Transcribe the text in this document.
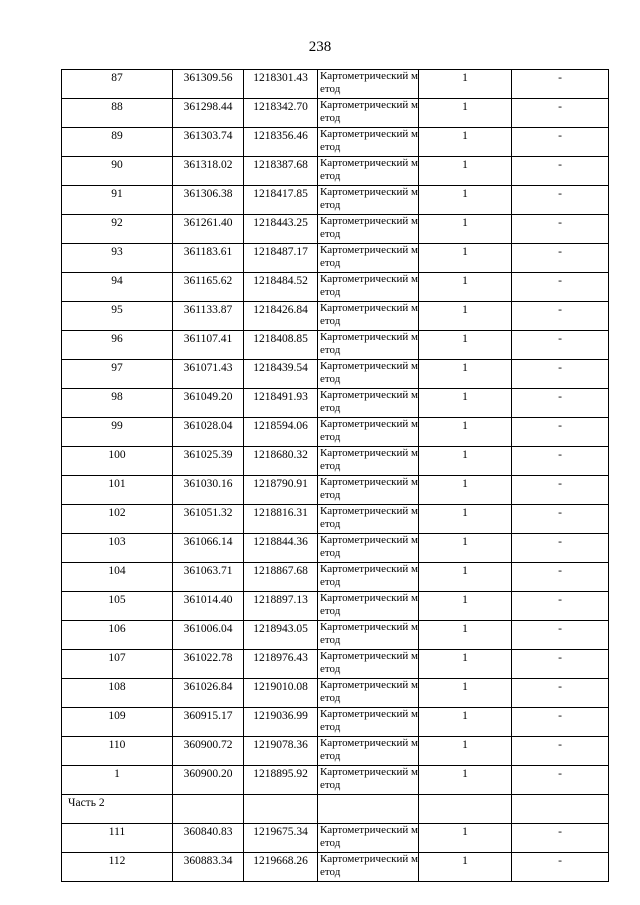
238
87	361309.56	1218301.43	Картометрический метод	1	-
88	361298.44	1218342.70	Картометрический метод	1	-
89	361303.74	1218356.46	Картометрический метод	1	-
90	361318.02	1218387.68	Картометрический метод	1	-
91	361306.38	1218417.85	Картометрический метод	1	-
92	361261.40	1218443.25	Картометрический метод	1	-
93	361183.61	1218487.17	Картометрический метод	1	-
94	361165.62	1218484.52	Картометрический метод	1	-
95	361133.87	1218426.84	Картометрический метод	1	-
96	361107.41	1218408.85	Картометрический метод	1	-
97	361071.43	1218439.54	Картометрический метод	1	-
98	361049.20	1218491.93	Картометрический метод	1	-
99	361028.04	1218594.06	Картометрический метод	1	-
100	361025.39	1218680.32	Картометрический метод	1	-
101	361030.16	1218790.91	Картометрический метод	1	-
102	361051.32	1218816.31	Картометрический метод	1	-
103	361066.14	1218844.36	Картометрический метод	1	-
104	361063.71	1218867.68	Картометрический метод	1	-
105	361014.40	1218897.13	Картометрический метод	1	-
106	361006.04	1218943.05	Картометрический метод	1	-
107	361022.78	1218976.43	Картометрический метод	1	-
108	361026.84	1219010.08	Картометрический метод	1	-
109	360915.17	1219036.99	Картометрический метод	1	-
110	360900.72	1219078.36	Картометрический метод	1	-
1	360900.20	1218895.92	Картометрический метод	1	-
Часть 2					
111	360840.83	1219675.34	Картометрический метод	1	-
112	360883.34	1219668.26	Картометрический метод	1	-
